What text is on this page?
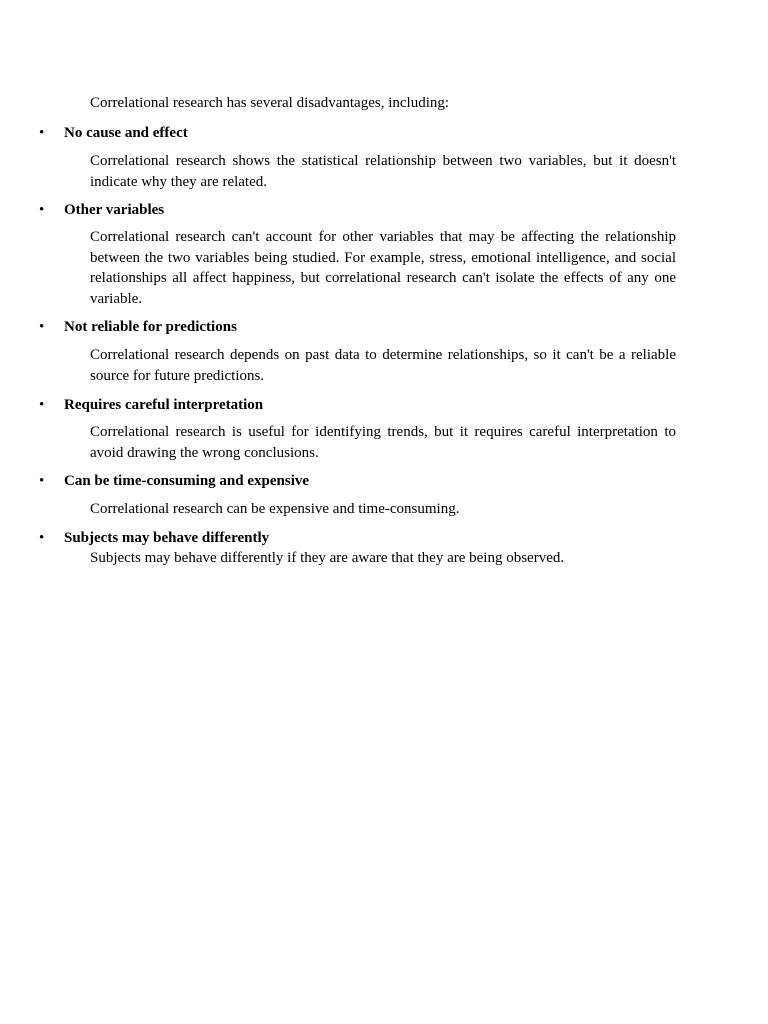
Correlational research has several disadvantages, including:

• No cause and effect

Correlational research shows the statistical relationship between two variables, but it doesn't indicate why they are related.

• Other variables

Correlational research can't account for other variables that may be affecting the relationship between the two variables being studied. For example, stress, emotional intelligence, and social relationships all affect happiness, but correlational research can't isolate the effects of any one variable.

• Not reliable for predictions

Correlational research depends on past data to determine relationships, so it can't be a reliable source for future predictions.

• Requires careful interpretation

Correlational research is useful for identifying trends, but it requires careful interpretation to avoid drawing the wrong conclusions.

• Can be time-consuming and expensive

Correlational research can be expensive and time-consuming.

• Subjects may behave differently

Subjects may behave differently if they are aware that they are being observed.
